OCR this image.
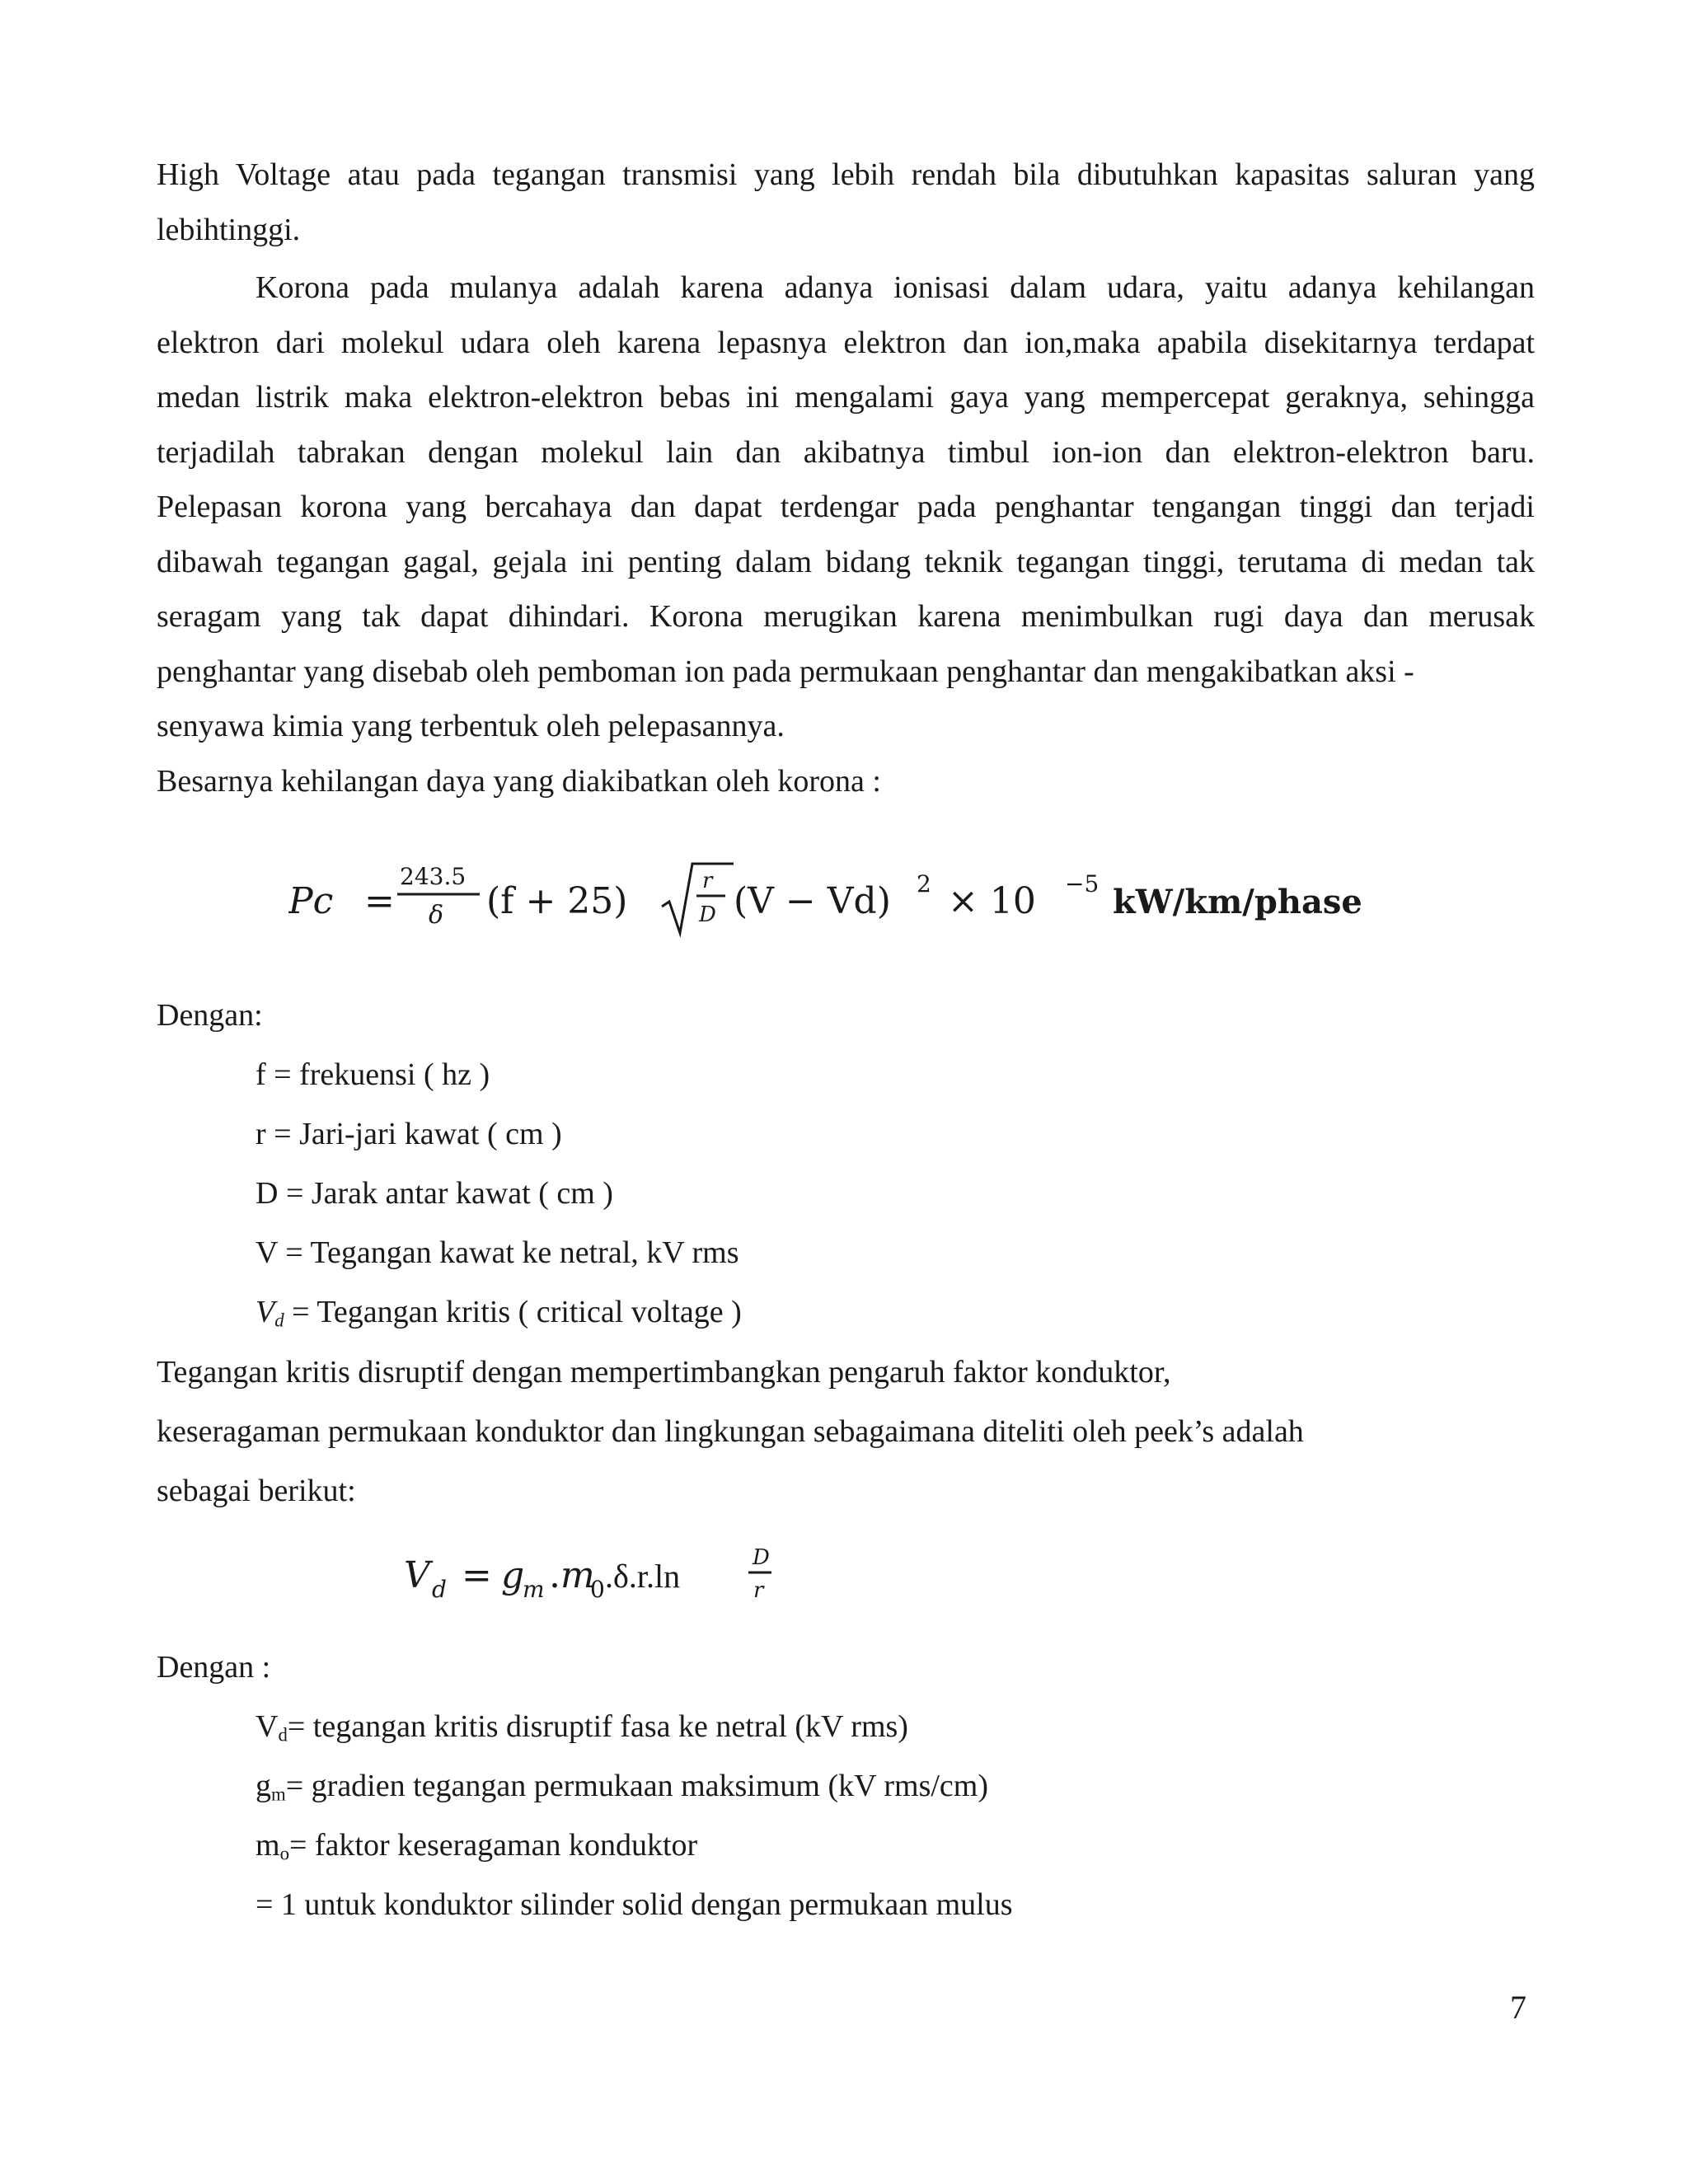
High Voltage atau pada tegangan transmisi yang lebih rendah bila dibutuhkan kapasitas saluran yang
lebihtinggi.
Korona pada mulanya adalah karena adanya ionisasi dalam udara, yaitu adanya kehilangan
elektron dari molekul udara oleh karena lepasnya elektron dan ion,maka apabila disekitarnya terdapat
medan listrik maka elektron-elektron bebas ini mengalami gaya yang mempercepat geraknya, sehingga
terjadilah tabrakan dengan molekul lain dan akibatnya timbul ion-ion dan elektron-elektron baru.
Pelepasan korona yang bercahaya dan dapat terdengar pada penghantar tengangan tinggi dan terjadi
dibawah tegangan gagal, gejala ini penting dalam bidang teknik tegangan tinggi, terutama di medan tak
seragam yang tak dapat dihindari. Korona merugikan karena menimbulkan rugi daya dan merusak
penghantar yang disebab oleh pemboman ion pada permukaan penghantar dan mengakibatkan aksi -
senyawa kimia yang terbentuk oleh pelepasannya.
Besarnya kehilangan daya yang diakibatkan oleh korona :
Pc =
243.5
δ (f + 25)	r
D (V − Vd) 2 × 10 −5 kW/km/phase
Dengan:
f = frekuensi ( hz )
r = Jari-jari kawat ( cm )
D = Jarak antar kawat ( cm )
V = Tegangan kawat ke netral, kV rms
$V_d$ = Tegangan kritis ( critical voltage )
Tegangan kritis disruptif dengan mempertimbangkan pengaruh faktor konduktor,
keseragaman permukaan konduktor dan lingkungan sebagaimana diteliti oleh peek’s adalah
sebagai berikut:
V d = g
m . m
0 .δ.r.ln	D
r
Dengan :
$V_d=$ tegangan kritis disruptif fasa ke netral (kV rms)
$g_m=$ gradien tegangan permukaan maksimum (kV rms/cm)
$m_o=$ faktor keseragaman konduktor
= 1 untuk konduktor silinder solid dengan permukaan mulus
7
